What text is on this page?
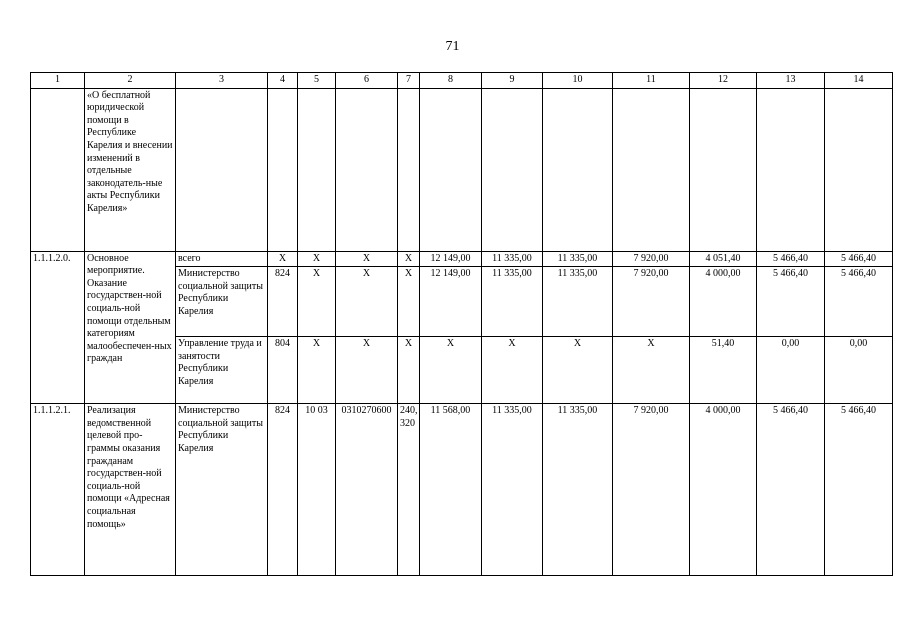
71
1	2	3	4	5	6	7	8	9	10	11	12	13	14
	«О бесплатной юридической помощи в Республике Карелия и внесении изменений в отдельные законодатель-ные акты Республики Карелия»												
1.1.1.2.0.	Основное мероприятие. Оказание государствен-ной социаль-ной помощи отдельным категориям малообеспечен-ных граждан	всего	X	X	X	X	12 149,00	11 335,00	11 335,00	7 920,00	4 051,40	5 466,40	5 466,40
		Министерство социальной защиты Республики Карелия	824	X	X	X	12 149,00	11 335,00	11 335,00	7 920,00	4 000,00	5 466,40	5 466,40
		Управление труда и занятости Республики Карелия	804	X	X	X	X	X	X	X	51,40	0,00	0,00
1.1.1.2.1.	Реализация ведомственной целевой про-граммы оказания гражданам государствен-ной социаль-ной помощи «Адресная социальная помощь»	Министерство социальной защиты Республики Карелия	824	10 03	0310270600	240, 320	11 568,00	11 335,00	11 335,00	7 920,00	4 000,00	5 466,40	5 466,40
